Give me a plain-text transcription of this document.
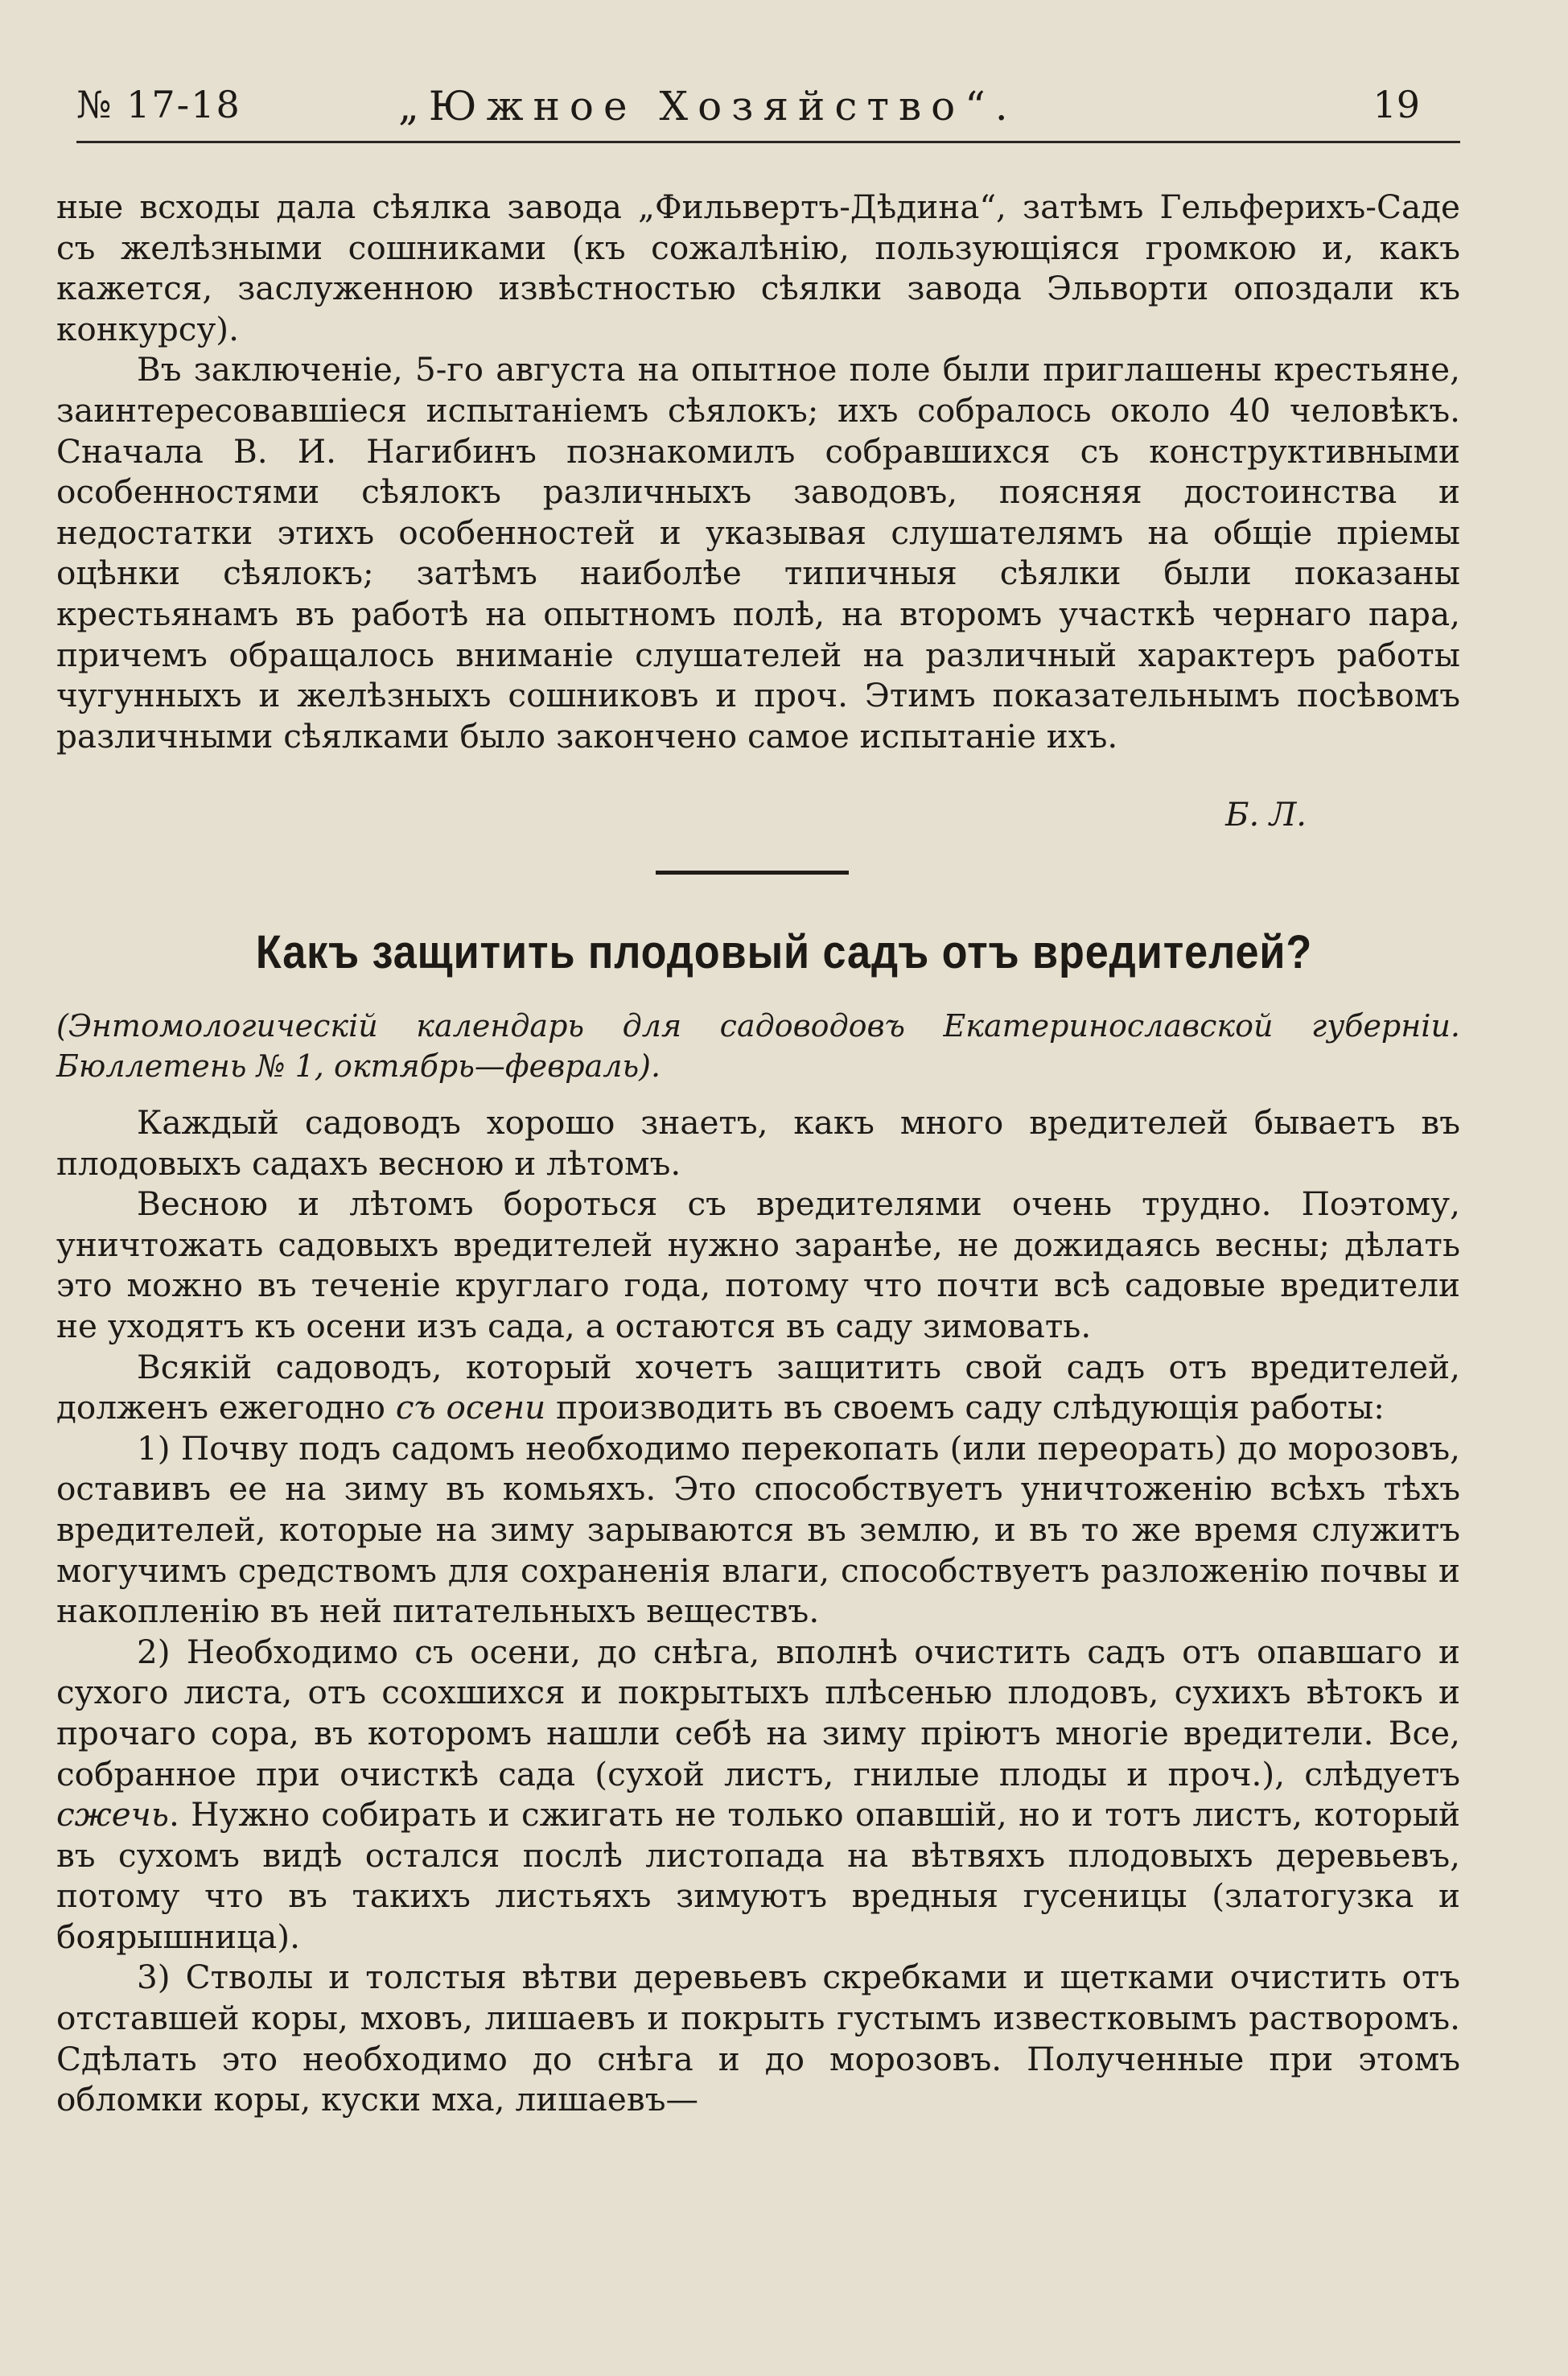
№ 17-18	„Южное Хозяйство“.	19

ные всходы дала сѣялка завода „Фильвертъ-Дѣдина“, затѣмъ Гельферихъ-Саде съ желѣзными сошниками (къ сожалѣнію, пользующіяся громкою и, какъ кажется, заслуженною извѣстностью сѣялки завода Эльворти опоздали къ конкурсу).

Въ заключеніе, 5-го августа на опытное поле были приглашены крестьяне, заинтересовавшіеся испытаніемъ сѣялокъ; ихъ собралось около 40 человѣкъ. Сначала В. И. Нагибинъ познакомилъ собравшихся съ конструктивными особенностями сѣялокъ различныхъ заводовъ, поясняя достоинства и недостатки этихъ особенностей и указывая слушателямъ на общіе пріемы оцѣнки сѣялокъ; затѣмъ наиболѣе типичныя сѣялки были показаны крестьянамъ въ работѣ на опытномъ полѣ, на второмъ участкѣ чернаго пара, причемъ обращалось вниманіе слушателей на различный характеръ работы чугунныхъ и желѣзныхъ сошниковъ и проч. Этимъ показательнымъ посѣвомъ различными сѣялками было закончено самое испытаніе ихъ.

Б. Л.
Какъ защитить плодовый садъ отъ вредителей?
(Энтомологическій календарь для садоводовъ Екатеринославской губерніи. Бюллетень № 1, октябрь—февраль).

Каждый садоводъ хорошо знаетъ, какъ много вредителей бываетъ въ плодовыхъ садахъ весною и лѣтомъ.

Весною и лѣтомъ бороться съ вредителями очень трудно. Поэтому, уничтожать садовыхъ вредителей нужно заранѣе, не дожидаясь весны; дѣлать это можно въ теченіе круглаго года, потому что почти всѣ садовые вредители не уходятъ къ осени изъ сада, а остаются въ саду зимовать.

Всякій садоводъ, который хочетъ защитить свой садъ отъ вредителей, долженъ ежегодно съ осени производить въ своемъ саду слѣдующія работы:

1) Почву подъ садомъ необходимо перекопать (или переорать) до морозовъ, оставивъ ее на зиму въ комьяхъ. Это способствуетъ уничтоженію всѣхъ тѣхъ вредителей, которые на зиму зарываются въ землю, и въ то же время служитъ могучимъ средствомъ для сохраненія влаги, способствуетъ разложенію почвы и накопленію въ ней питательныхъ веществъ.

2) Необходимо съ осени, до снѣга, вполнѣ очистить садъ отъ опавшаго и сухого листа, отъ ссохшихся и покрытыхъ плѣсенью плодовъ, сухихъ вѣтокъ и прочаго сора, въ которомъ нашли себѣ на зиму пріютъ многіе вредители. Все, собранное при очисткѣ сада (сухой листъ, гнилые плоды и проч.), слѣдуетъ сжечь. Нужно собирать и сжигать не только опавшій, но и тотъ листъ, который въ сухомъ видѣ остался послѣ листопада на вѣтвяхъ плодовыхъ деревьевъ, потому что въ такихъ листьяхъ зимуютъ вредныя гусеницы (златогузка и боярышница).

3) Стволы и толстыя вѣтви деревьевъ скребками и щетками очистить отъ отставшей коры, мховъ, лишаевъ и покрыть густымъ известковымъ растворомъ. Сдѣлать это необходимо до снѣга и до морозовъ. Полученные при этомъ обломки коры, куски мха, лишаевъ—
